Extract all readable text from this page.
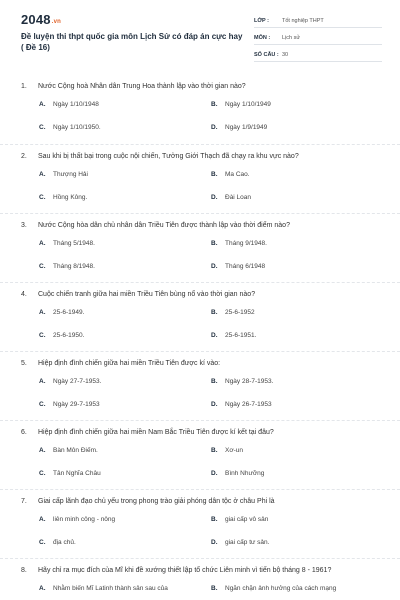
2048.vn
Đề luyện thi thpt quốc gia môn Lịch Sử có đáp án cực hay ( Đề 16)
LỚP :	Tốt nghiệp THPT
MÔN :	Lịch sử
SỐ CÂU : 30
1. Nước Cộng hoà Nhân dân Trung Hoa thành lập vào thời gian nào?
A. Ngày 1/10/1948	B. Ngày 1/10/1949
C. Ngày 1/10/1950.	D. Ngày 1/9/1949
2. Sau khi bị thất bại trong cuộc nội chiến, Tưởng Giới Thạch đã chạy ra khu vực nào?
A. Thượng Hải	B. Ma Cao.
C. Hồng Kông.	D. Đài Loan
3. Nước Cộng hòa dân chủ nhân dân Triều Tiên được thành lập vào thời điểm nào?
A. Tháng 5/1948.	B. Tháng 9/1948.
C. Tháng 8/1948.	D. Tháng 6/1948
4. Cuộc chiến tranh giữa hai miền Triều Tiên bùng nổ vào thời gian nào?
A. 25-6-1949.	B. 25-6-1952
C. 25-6-1950.	D. 25-6-1951.
5. Hiệp định đình chiến giữa hai miền Triều Tiên được kí vào:
A. Ngày 27-7-1953.	B. Ngày 28-7-1953.
C. Ngày 29-7-1953	D. Ngày 26-7-1953
6. Hiệp định đình chiến giữa hai miền Nam Bắc Triều Tiên được kí kết tại đâu?
A. Bàn Môn Điếm.	B. Xơ-un
C. Tân Nghĩa Châu	D. Bình Nhưỡng
7. Giai cấp lãnh đạo chủ yếu trong phong trào giải phóng dân tộc ở châu Phi là
A. liên minh công - nông	B. giai cấp vô sản
C. địa chủ.	D. giai cấp tư sản.
8. Hãy chỉ ra mục đích của Mĩ khi đề xướng thiết lập tổ chức Liên minh vì tiến bộ tháng 8 - 1961?
A. Nhằm biến Mĩ Latinh thành sân sau của	B. Ngăn chặn ảnh hưởng của cách mạng
